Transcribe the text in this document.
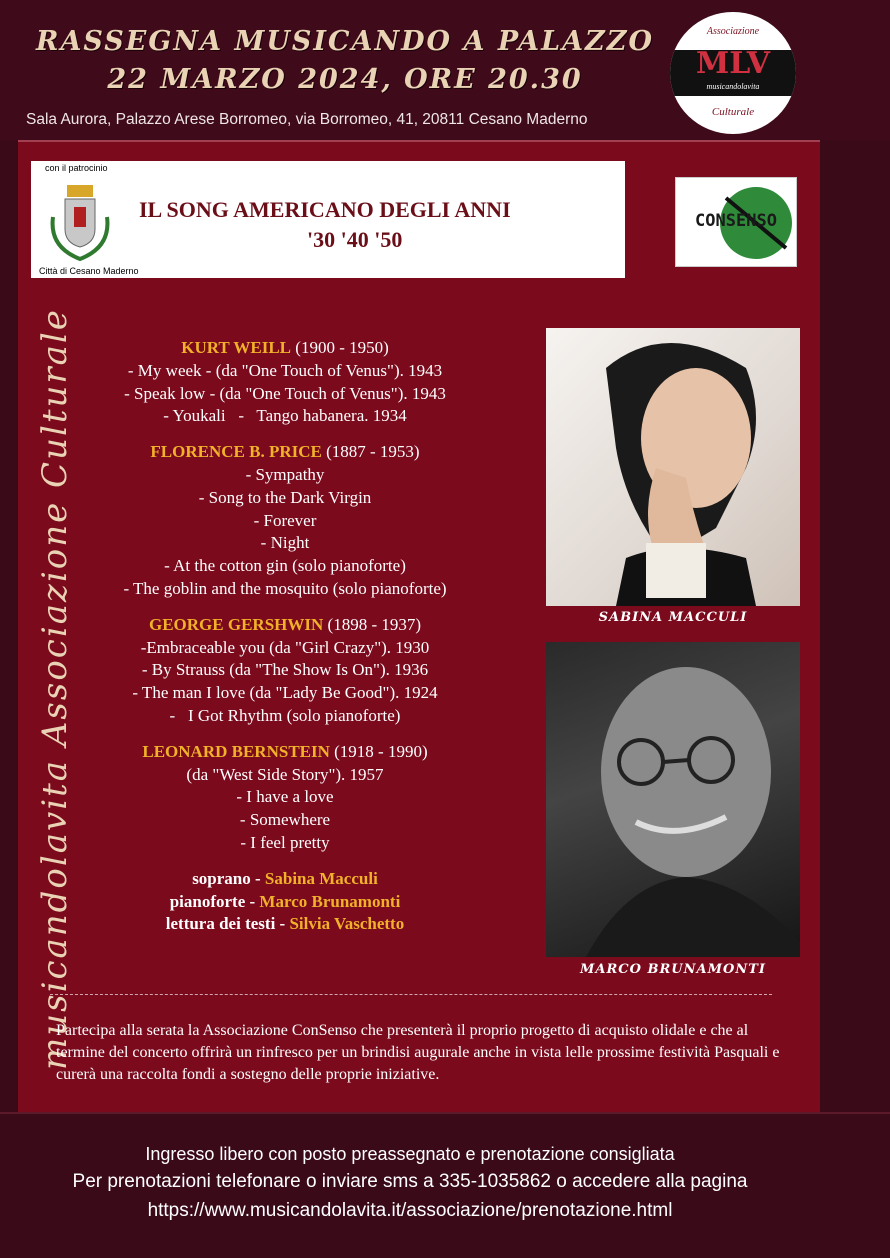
RASSEGNA MUSICANDO A PALAZZO
22 MARZO 2024, ORE 20.30
Sala Aurora, Palazzo Arese Borromeo, via Borromeo, 41, 20811 Cesano Maderno
Associazione
MLV
musicandolavita
Culturale
musicandolavita Associazione Culturale
con il patrocinio
Città di Cesano Maderno
IL SONG AMERICANO DEGLI ANNI
'30 '40 '50
CONSENSO
KURT WEILL (1900 - 1950)
- My week - (da "One Touch of Venus"). 1943
- Speak low - (da "One Touch of Venus"). 1943
- Youkali   -   Tango habanera. 1934
FLORENCE B. PRICE (1887 - 1953)
- Sympathy
- Song to the Dark Virgin
- Forever
- Night
- At the cotton gin (solo pianoforte)
- The goblin and the mosquito (solo pianoforte)
GEORGE GERSHWIN (1898 - 1937)
-Embraceable you (da "Girl Crazy"). 1930
- By Strauss (da "The Show Is On"). 1936
- The man I love (da "Lady Be Good"). 1924
-   I Got Rhythm (solo pianoforte)
LEONARD BERNSTEIN (1918 - 1990)
(da "West Side Story"). 1957
- I have a love
- Somewhere
- I feel pretty
soprano - Sabina Macculi
pianoforte - Marco Brunamonti
lettura dei testi - Silvia Vaschetto
SABINA MACCULI
MARCO BRUNAMONTI
Partecipa alla serata la Associazione ConSenso che presenterà il proprio progetto di acquisto olidale e che al termine del concerto offrirà un rinfresco per un brindisi augurale anche in vista lelle prossime festività Pasquali e curerà una raccolta fondi a sostegno delle proprie iniziative.
Ingresso libero con posto preassegnato e prenotazione consigliata
Per prenotazioni telefonare o inviare sms a 335-1035862 o accedere alla pagina
https://www.musicandolavita.it/associazione/prenotazione.html
